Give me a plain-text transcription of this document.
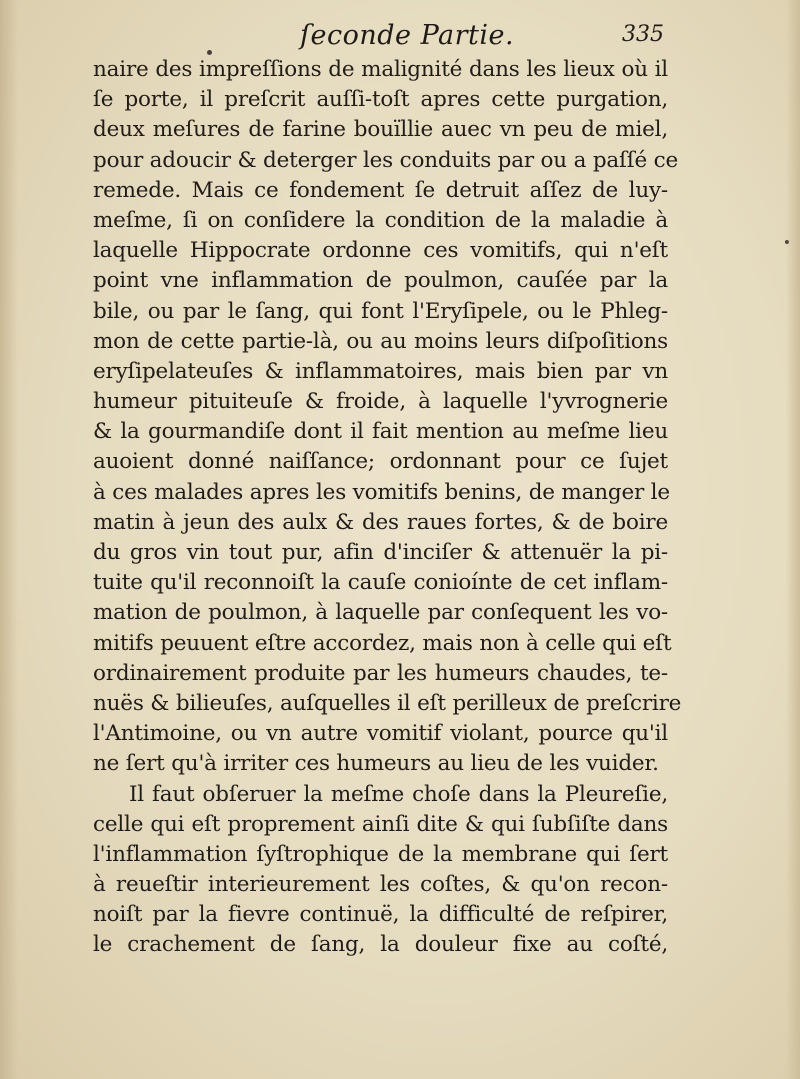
ſeconde Partie.	335
naire des impreſſions de malignité dans les lieux où il
ſe porte, il preſcrit auſſi-toſt apres cette purgation,
deux meſures de farine bouïllie auec vn peu de miel,
pour adoucir & deterger les conduits par ou a paſſé ce
remede. Mais ce fondement ſe detruit aſſez de luy-
meſme, ſi on conſidere la condition de la maladie à
laquelle Hippocrate ordonne ces vomitifs, qui n'eſt
point vne inflammation de poulmon, cauſée par la
bile, ou par le ſang, qui font l'Eryſipele, ou le Phleg-
mon de cette partie-là, ou au moins leurs diſpoſitions
eryſipelateuſes & inflammatoires, mais bien par vn
humeur pituiteuſe & froide, à laquelle l'yvrognerie
& la gourmandiſe dont il fait mention au meſme lieu
auoient donné naiſſance; ordonnant pour ce ſujet
à ces malades apres les vomitifs benins, de manger le
matin à jeun des aulx & des raues fortes, & de boire
du gros vin tout pur, afin d'inciſer & attenuër la pi-
tuite qu'il reconnoiſt la cauſe conioínte de cet inflam-
mation de poulmon, à laquelle par conſequent les vo-
mitifs peuuent eſtre accordez, mais non à celle qui eſt
ordinairement produite par les humeurs chaudes, te-
nuës & bilieuſes, auſquelles il eſt perilleux de preſcrire
l'Antimoine, ou vn autre vomitif violant, pource qu'il
ne ſert qu'à irriter ces humeurs au lieu de les vuider.
Il faut obſeruer la meſme choſe dans la Pleureſie,
celle qui eſt proprement ainſi dite & qui ſubſiſte dans
l'inflammation ſyſtrophique de la membrane qui ſert
à reueſtir interieurement les coſtes, & qu'on recon-
noiſt par la fievre continuë, la difficulté de reſpirer,
le crachement de ſang, la douleur fixe au coſté,
